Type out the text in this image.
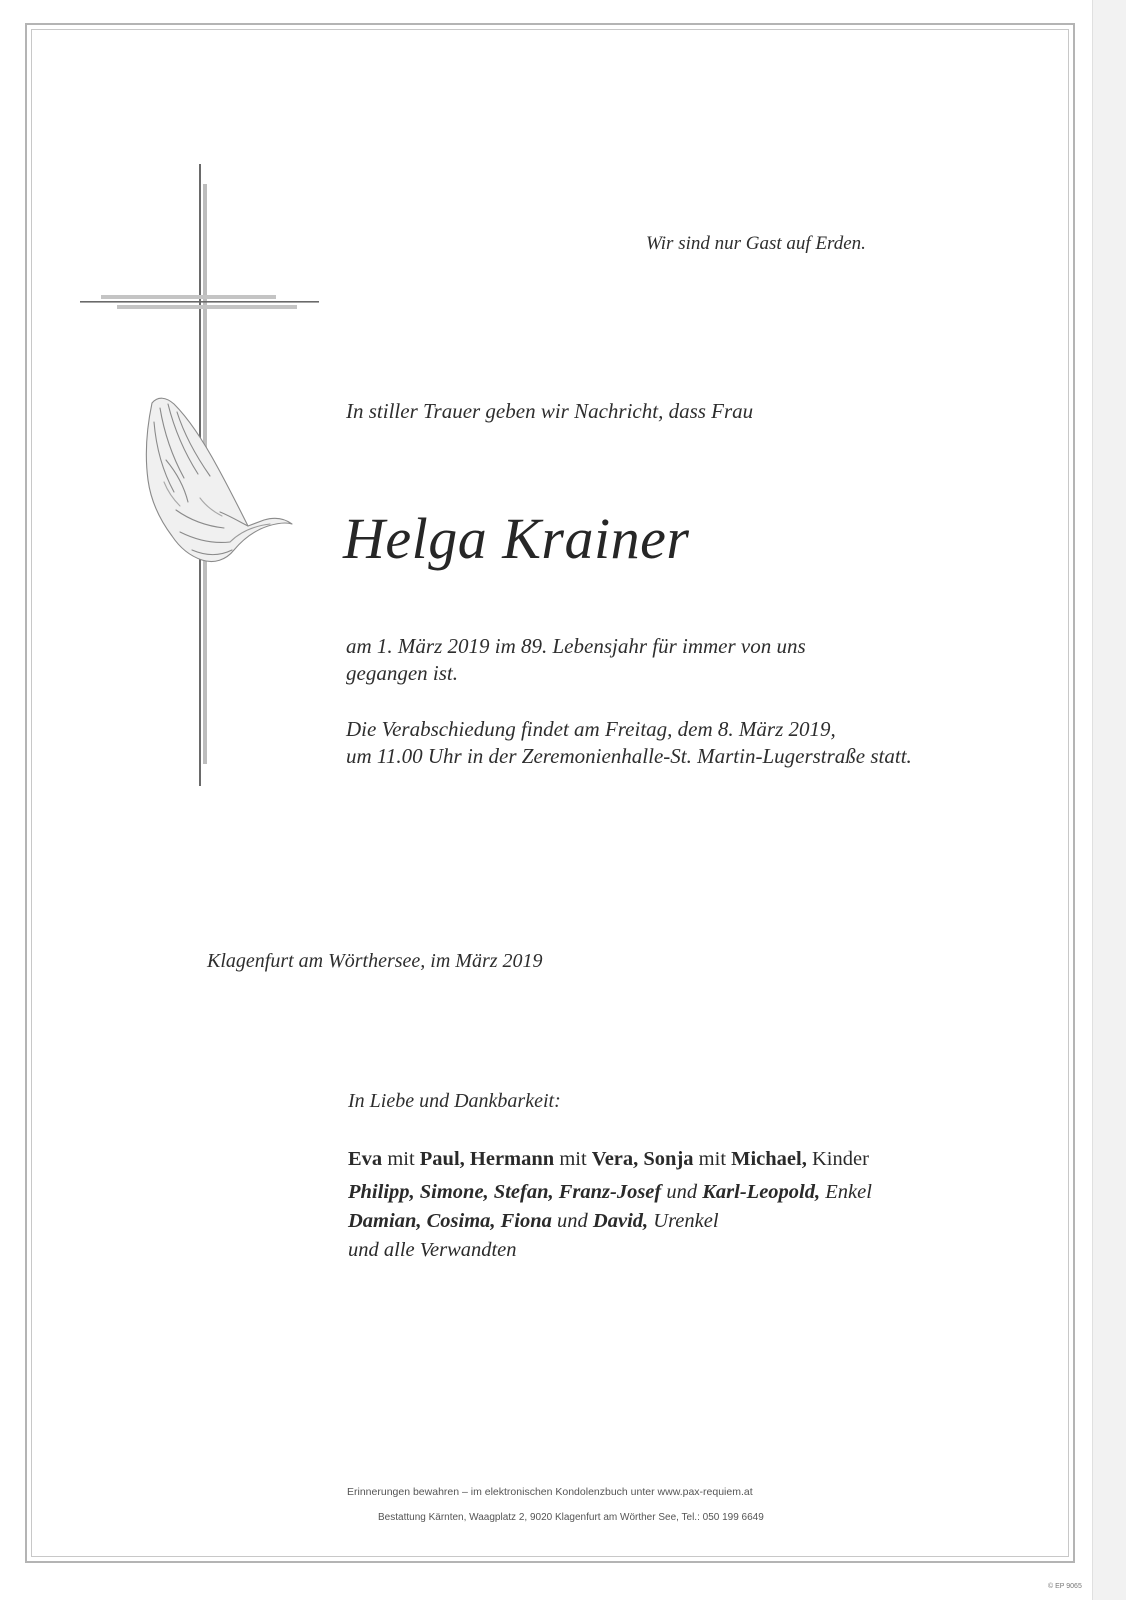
Wir sind nur Gast auf Erden.
In stiller Trauer geben wir Nachricht, dass Frau
Helga Krainer
am 1. März 2019 im 89. Lebensjahr für immer von uns
gegangen ist.
Die Verabschiedung findet am Freitag, dem 8. März 2019,
um 11.00 Uhr in der Zeremonienhalle-St. Martin-Lugerstraße statt.
Klagenfurt am Wörthersee, im März 2019
In Liebe und Dankbarkeit:
Eva mit Paul, Hermann mit Vera, Sonja mit Michael, Kinder
Philipp, Simone, Stefan, Franz-Josef und Karl-Leopold, Enkel
Damian, Cosima, Fiona und David, Urenkel
und alle Verwandten
Erinnerungen bewahren – im elektronischen Kondolenzbuch unter www.pax-requiem.at
Bestattung Kärnten, Waagplatz 2, 9020 Klagenfurt am Wörther See, Tel.: 050 199 6649
© EP 9065
